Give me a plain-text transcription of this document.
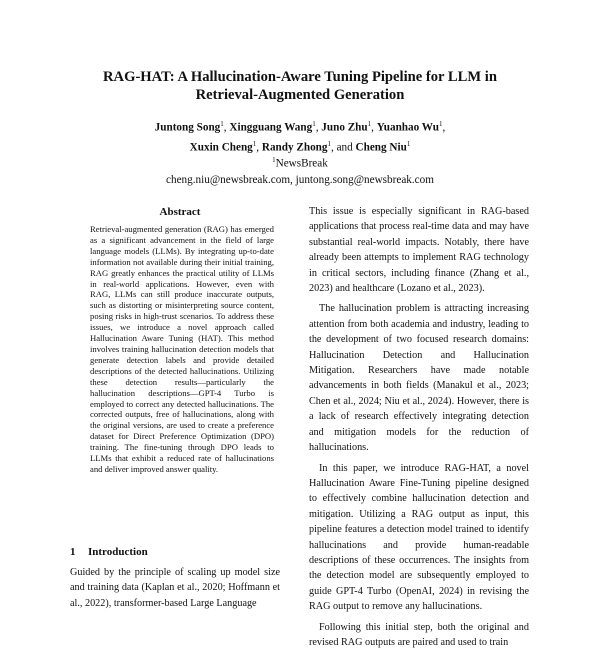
RAG-HAT: A Hallucination-Aware Tuning Pipeline for LLM in
Retrieval-Augmented Generation
Juntong Song$^1$, Xingguang Wang$^1$, Juno Zhu$^1$, Yuanhao Wu$^1$,
Xuxin Cheng$^1$, Randy Zhong$^1$, and Cheng Niu$^1$
$^1$NewsBreak
cheng.niu@newsbreak.com, juntong.song@newsbreak.com
Abstract
Retrieval-augmented generation (RAG) has emerged as a significant advancement in the field of large language models (LLMs). By integrating up-to-date information not available during their initial training, RAG greatly enhances the practical utility of LLMs in real-world applications. However, even with RAG, LLMs can still produce inaccurate outputs, such as distorting or misinterpreting source content, posing risks in high-trust scenarios. To address these issues, we introduce a novel approach called Hallucination Aware Tuning (HAT). This method involves training hallucination detection models that generate detection labels and provide detailed descriptions of the detected hallucinations. Utilizing these detection results—particularly the hallucination descriptions—GPT-4 Turbo is employed to correct any detected hallucinations. The corrected outputs, free of hallucinations, along with the original versions, are used to create a preference dataset for Direct Preference Optimization (DPO) training. The fine-tuning through DPO leads to LLMs that exhibit a reduced rate of hallucinations and deliver improved answer quality.
1 Introduction
Guided by the principle of scaling up model size and training data (Kaplan et al., 2020; Hoffmann et al., 2022), transformer-based Large Language

This issue is especially significant in RAG-based applications that process real-time data and may have substantial real-world impacts. Notably, there have already been attempts to implement RAG technology in critical sectors, including finance (Zhang et al., 2023) and healthcare (Lozano et al., 2023).

The hallucination problem is attracting increasing attention from both academia and industry, leading to the development of two focused research domains: Hallucination Detection and Hallucination Mitigation. Researchers have made notable advancements in both fields (Manakul et al., 2023; Chen et al., 2024; Niu et al., 2024). However, there is a lack of research effectively integrating detection and mitigation models for the reduction of hallucinations.

In this paper, we introduce RAG-HAT, a novel Hallucination Aware Fine-Tuning pipeline designed to effectively combine hallucination detection and mitigation. Utilizing a RAG output as input, this pipeline features a detection model trained to identify hallucinations and provide human-readable descriptions of these occurrences. The insights from the detection model are subsequently employed to guide GPT-4 Turbo (OpenAI, 2024) in revising the RAG output to remove any hallucinations.

Following this initial step, both the original and revised RAG outputs are paired and used to train
